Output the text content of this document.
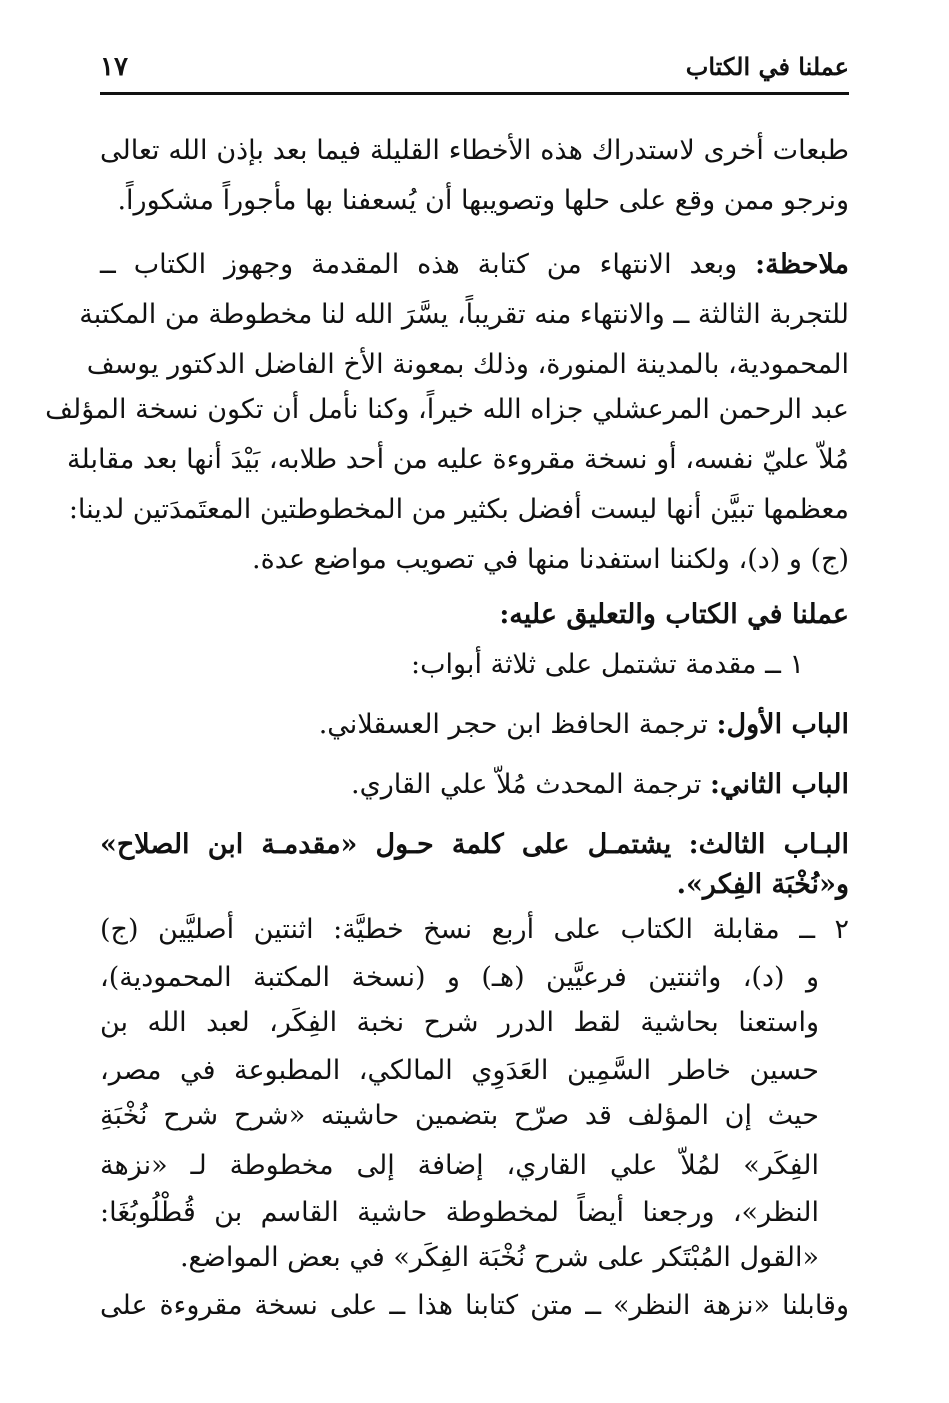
عملنا في الكتاب
١٧
طبعات أخرى لاستدراك هذه الأخطاء القليلة فيما بعد بإذن الله تعالى
ونرجو ممن وقع على حلها وتصويبها أن يُسعفنا بها مأجوراً مشكوراً.
ملاحظة: وبعد الانتهاء من كتابة هذه المقدمة وجهوز الكتاب ــ
للتجربة الثالثة ــ والانتهاء منه تقريباً، يسَّرَ الله لنا مخطوطة من المكتبة
المحمودية، بالمدينة المنورة، وذلك بمعونة الأخ الفاضل الدكتور يوسف
عبد الرحمن المرعشلي جزاه الله خيراً، وكنا نأمل أن تكون نسخة المؤلف
مُلاّ عليّ نفسه، أو نسخة مقروءة عليه من أحد طلابه، بَيْدَ أنها بعد مقابلة
معظمها تبيَّن أنها ليست أفضل بكثير من المخطوطتين المعتَمدَتين لدينا:
(ج) و (د)، ولكننا استفدنا منها في تصويب مواضع عدة.
عملنا في الكتاب والتعليق عليه:
١ ــ مقدمة تشتمل على ثلاثة أبواب:
الباب الأول: ترجمة الحافظ ابن حجر العسقلاني.
الباب الثاني: ترجمة المحدث مُلاّ علي القاري.
البـاب الثالث: يشتمـل على كلمة حـول «مقدمـة ابن الصلاح»
و«نُخْبَة الفِكر».
٢ ــ مقابلة الكتاب على أربع نسخ خطيَّة: اثنتين أصليَّين (ج)
و (د)، واثنتين فرعيَّين (هـ) و (نسخة المكتبة المحمودية)،
واستعنا بحاشية لقط الدرر شرح نخبة الفِكَر، لعبد الله بن
حسين خاطر السَّمِين العَدَوِي المالكي، المطبوعة في مصر،
حيث إن المؤلف قد صرّح بتضمين حاشيته «شرح شرح نُخْبَةِ
الفِكَر» لمُلاّ علي القاري، إضافة إلى مخطوطة لـ «نزهة
النظر»، ورجعنا أيضاً لمخطوطة حاشية القاسم بن قُطْلُوبُغَا:
«القول المُبْتَكر على شرح نُخْبَة الفِكَر» في بعض المواضع.
وقابلنا «نزهة النظر» ــ متن كتابنا هذا ــ على نسخة مقروءة على
